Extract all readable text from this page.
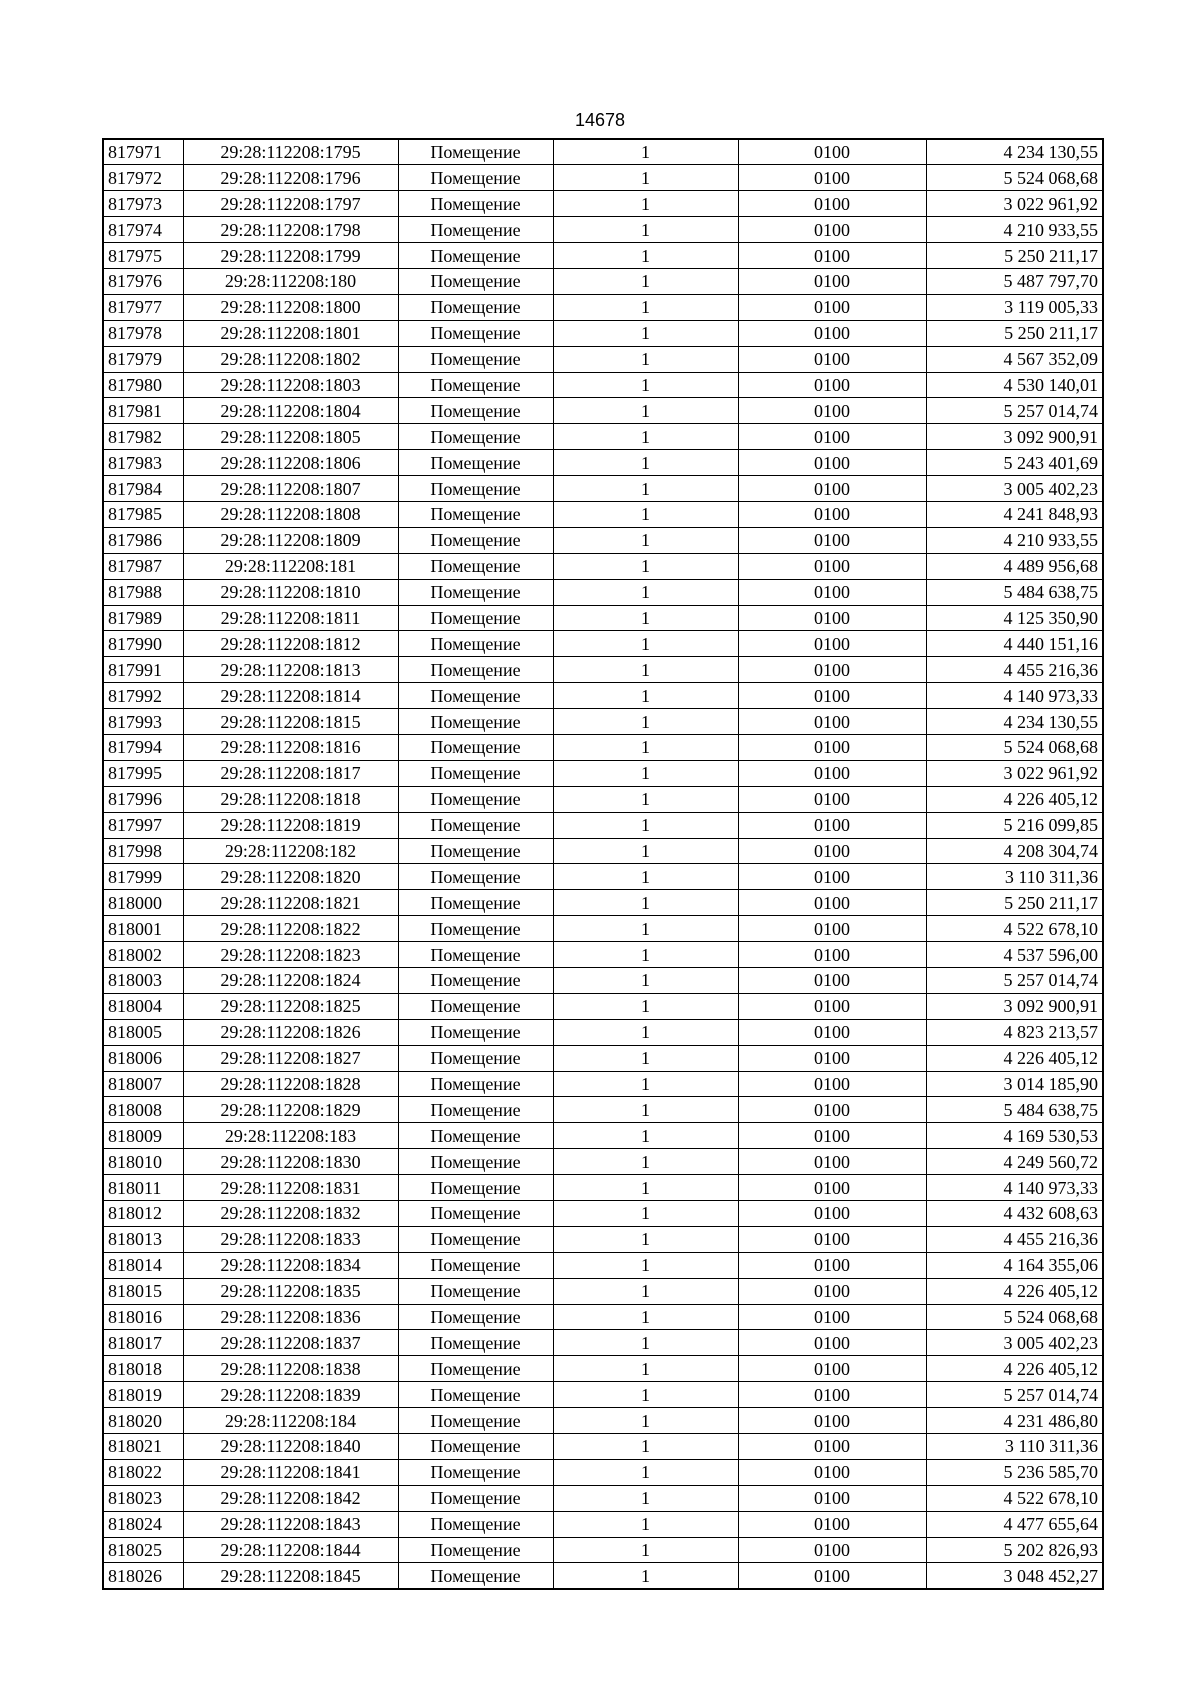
14678
817971	29:28:112208:1795	Помещение	1	0100	4 234 130,55
817972	29:28:112208:1796	Помещение	1	0100	5 524 068,68
817973	29:28:112208:1797	Помещение	1	0100	3 022 961,92
817974	29:28:112208:1798	Помещение	1	0100	4 210 933,55
817975	29:28:112208:1799	Помещение	1	0100	5 250 211,17
817976	29:28:112208:180	Помещение	1	0100	5 487 797,70
817977	29:28:112208:1800	Помещение	1	0100	3 119 005,33
817978	29:28:112208:1801	Помещение	1	0100	5 250 211,17
817979	29:28:112208:1802	Помещение	1	0100	4 567 352,09
817980	29:28:112208:1803	Помещение	1	0100	4 530 140,01
817981	29:28:112208:1804	Помещение	1	0100	5 257 014,74
817982	29:28:112208:1805	Помещение	1	0100	3 092 900,91
817983	29:28:112208:1806	Помещение	1	0100	5 243 401,69
817984	29:28:112208:1807	Помещение	1	0100	3 005 402,23
817985	29:28:112208:1808	Помещение	1	0100	4 241 848,93
817986	29:28:112208:1809	Помещение	1	0100	4 210 933,55
817987	29:28:112208:181	Помещение	1	0100	4 489 956,68
817988	29:28:112208:1810	Помещение	1	0100	5 484 638,75
817989	29:28:112208:1811	Помещение	1	0100	4 125 350,90
817990	29:28:112208:1812	Помещение	1	0100	4 440 151,16
817991	29:28:112208:1813	Помещение	1	0100	4 455 216,36
817992	29:28:112208:1814	Помещение	1	0100	4 140 973,33
817993	29:28:112208:1815	Помещение	1	0100	4 234 130,55
817994	29:28:112208:1816	Помещение	1	0100	5 524 068,68
817995	29:28:112208:1817	Помещение	1	0100	3 022 961,92
817996	29:28:112208:1818	Помещение	1	0100	4 226 405,12
817997	29:28:112208:1819	Помещение	1	0100	5 216 099,85
817998	29:28:112208:182	Помещение	1	0100	4 208 304,74
817999	29:28:112208:1820	Помещение	1	0100	3 110 311,36
818000	29:28:112208:1821	Помещение	1	0100	5 250 211,17
818001	29:28:112208:1822	Помещение	1	0100	4 522 678,10
818002	29:28:112208:1823	Помещение	1	0100	4 537 596,00
818003	29:28:112208:1824	Помещение	1	0100	5 257 014,74
818004	29:28:112208:1825	Помещение	1	0100	3 092 900,91
818005	29:28:112208:1826	Помещение	1	0100	4 823 213,57
818006	29:28:112208:1827	Помещение	1	0100	4 226 405,12
818007	29:28:112208:1828	Помещение	1	0100	3 014 185,90
818008	29:28:112208:1829	Помещение	1	0100	5 484 638,75
818009	29:28:112208:183	Помещение	1	0100	4 169 530,53
818010	29:28:112208:1830	Помещение	1	0100	4 249 560,72
818011	29:28:112208:1831	Помещение	1	0100	4 140 973,33
818012	29:28:112208:1832	Помещение	1	0100	4 432 608,63
818013	29:28:112208:1833	Помещение	1	0100	4 455 216,36
818014	29:28:112208:1834	Помещение	1	0100	4 164 355,06
818015	29:28:112208:1835	Помещение	1	0100	4 226 405,12
818016	29:28:112208:1836	Помещение	1	0100	5 524 068,68
818017	29:28:112208:1837	Помещение	1	0100	3 005 402,23
818018	29:28:112208:1838	Помещение	1	0100	4 226 405,12
818019	29:28:112208:1839	Помещение	1	0100	5 257 014,74
818020	29:28:112208:184	Помещение	1	0100	4 231 486,80
818021	29:28:112208:1840	Помещение	1	0100	3 110 311,36
818022	29:28:112208:1841	Помещение	1	0100	5 236 585,70
818023	29:28:112208:1842	Помещение	1	0100	4 522 678,10
818024	29:28:112208:1843	Помещение	1	0100	4 477 655,64
818025	29:28:112208:1844	Помещение	1	0100	5 202 826,93
818026	29:28:112208:1845	Помещение	1	0100	3 048 452,27
